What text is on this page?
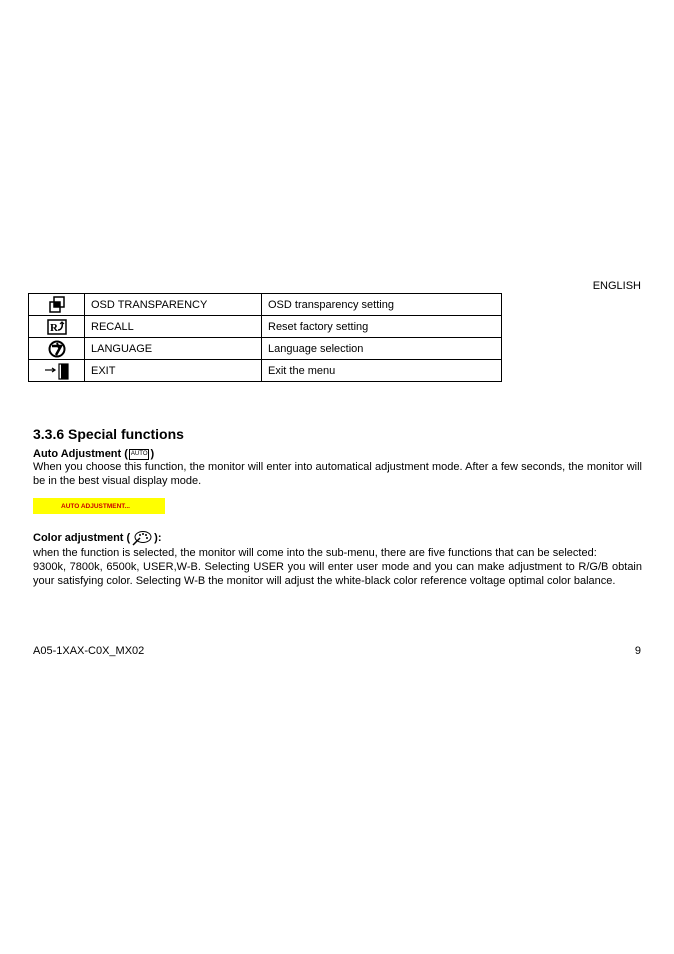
ENGLISH
	OSD TRANSPARENCY	OSD transparency setting

R	RECALL	Reset factory setting
	LANGUAGE	Language selection
	EXIT	Exit the menu
3.3.6 Special functions
Auto Adjustment ( AUTO )
When you choose this function, the monitor will enter into automatical adjustment mode. After a few seconds, the monitor will be in the best visual display mode.
AUTO ADJUSTMENT...
Color adjustment ( ):
when the function is selected, the monitor will come into the sub-menu, there are five functions that can be selected:
9300k, 7800k, 6500k, USER,W-B. Selecting USER you will enter user mode and you can make adjustment to R/G/B obtain your satisfying color. Selecting W-B the monitor will adjust the white-black color reference voltage optimal color balance.
A05-1XAX-C0X_MX02	9
